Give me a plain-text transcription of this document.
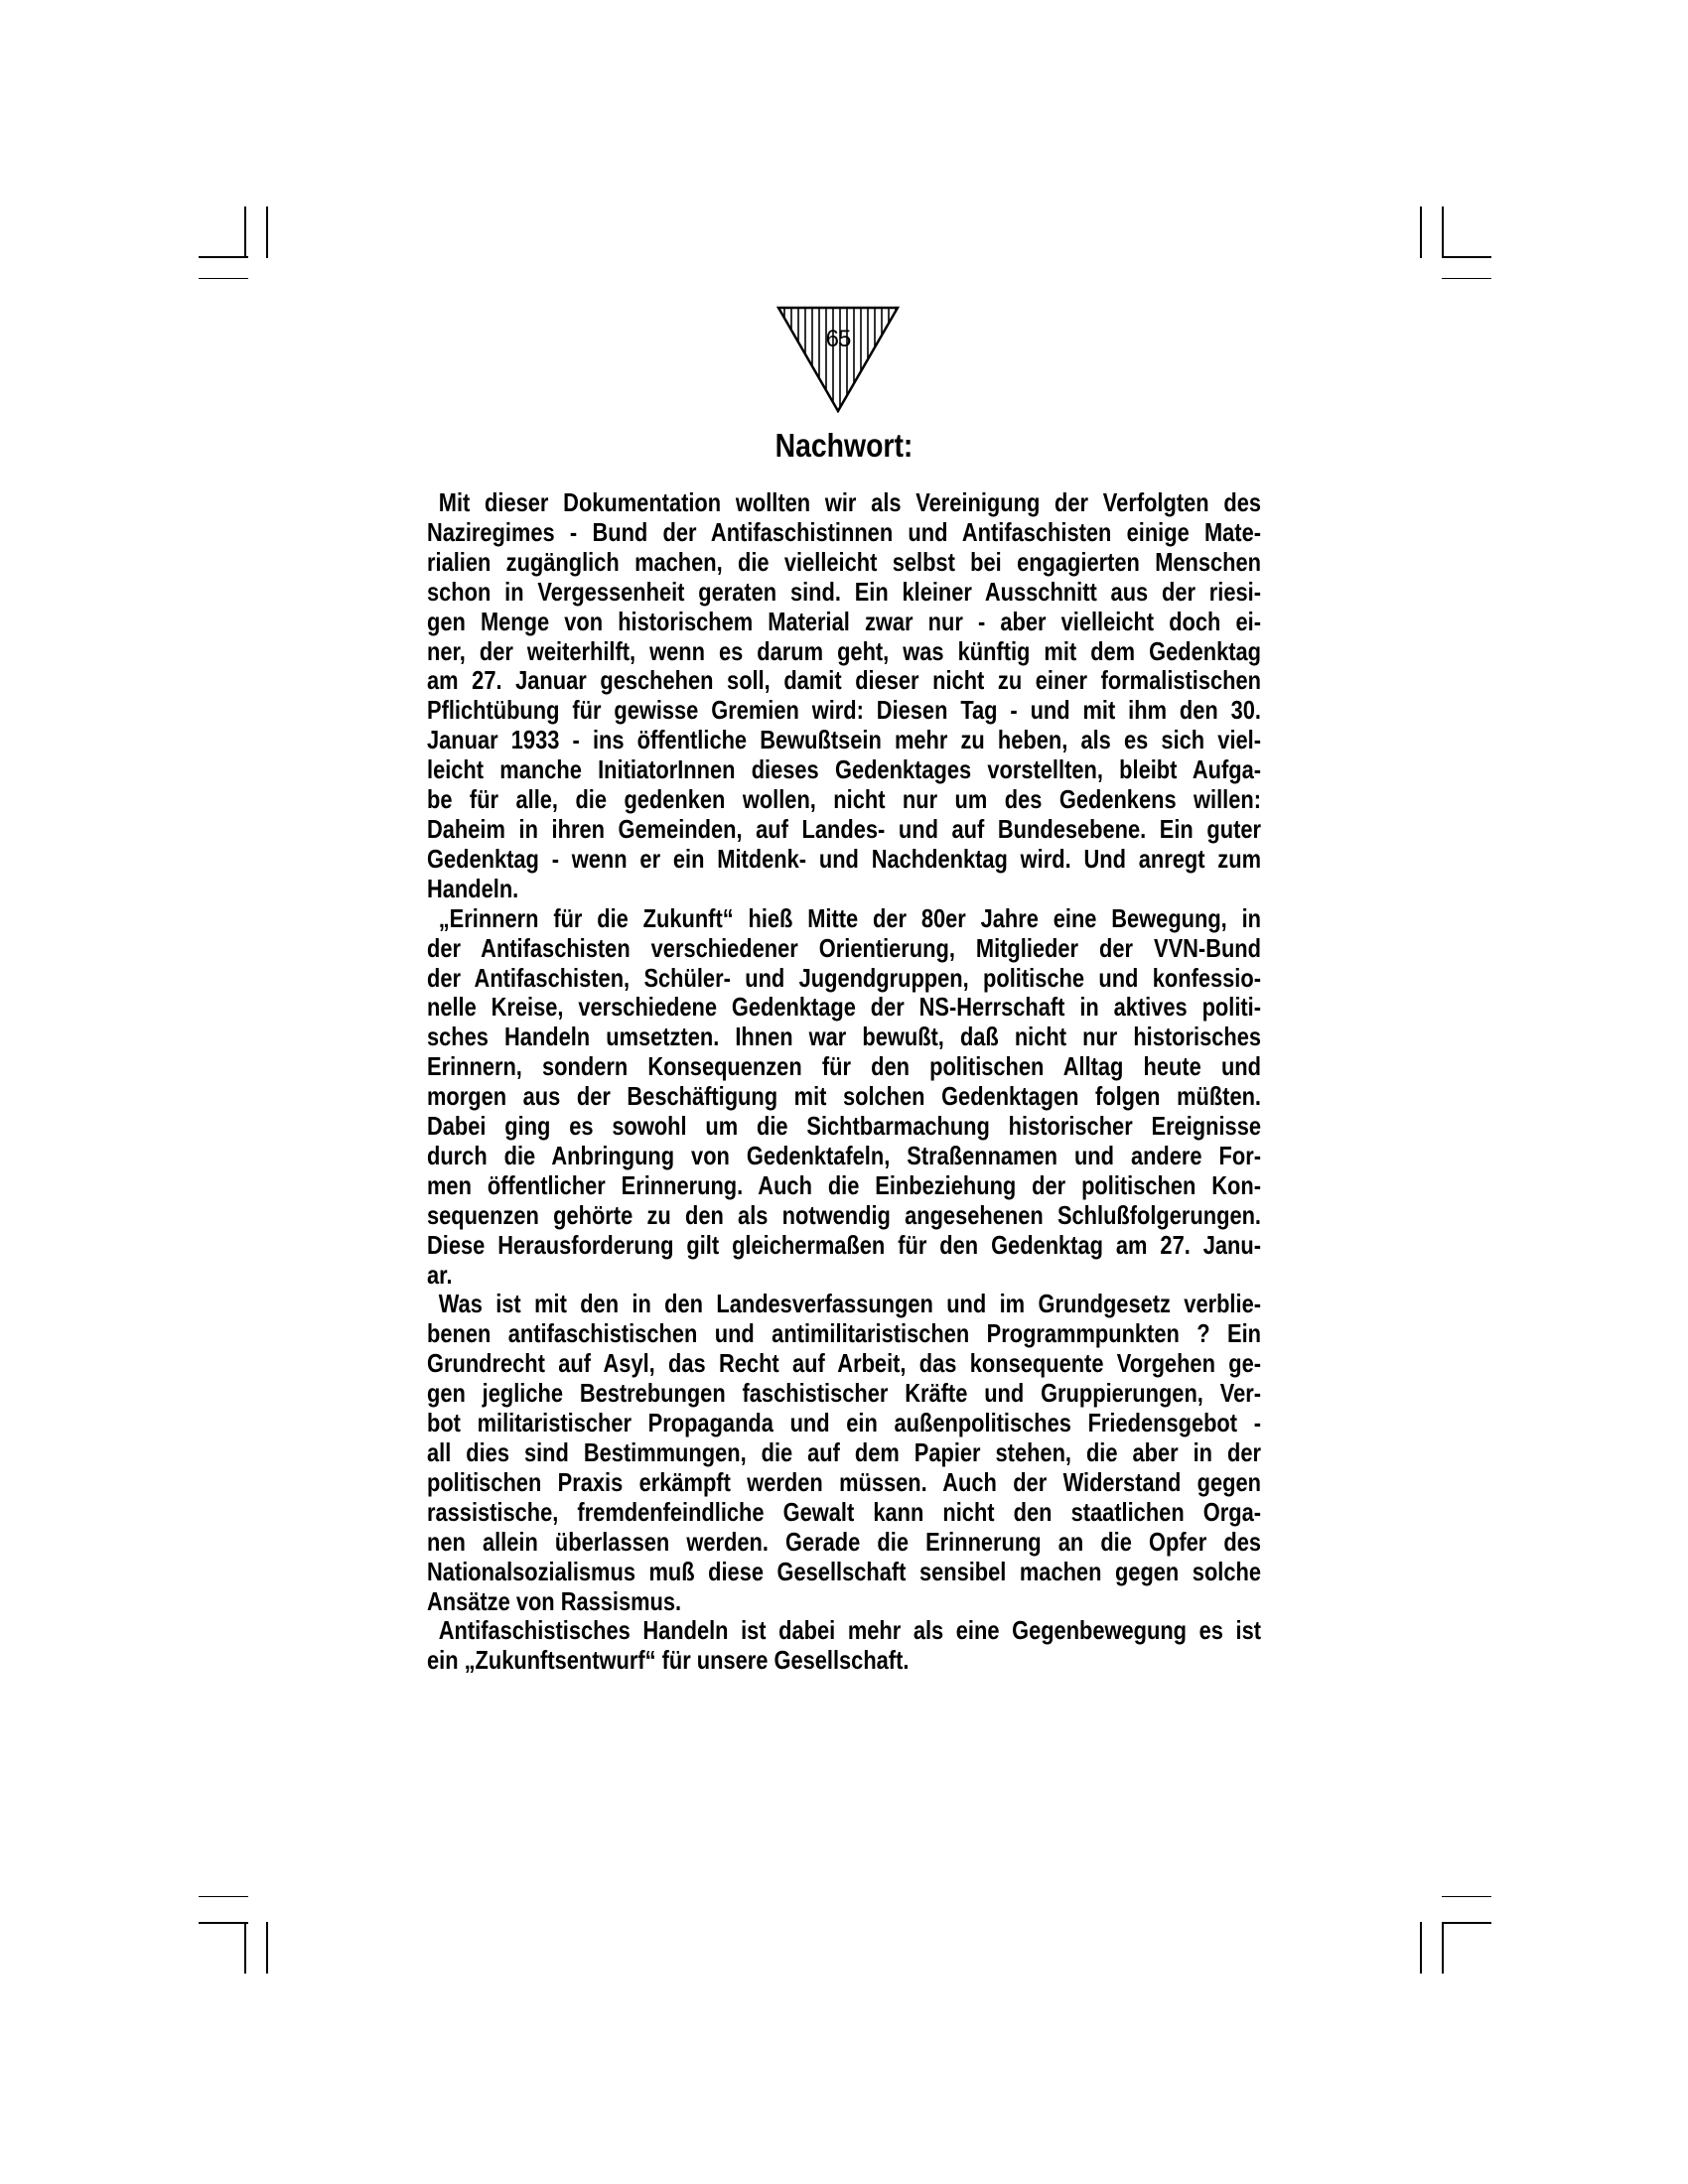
65
Nachwort:
Mit dieser Dokumentation wollten wir als Vereinigung der Verfolgten des
Naziregimes - Bund der Antifaschistinnen und Antifaschisten einige Mate-
rialien zugänglich machen, die vielleicht selbst bei engagierten Menschen
schon in Vergessenheit geraten sind. Ein kleiner Ausschnitt aus der riesi-
gen Menge von historischem Material zwar nur - aber vielleicht doch ei-
ner, der weiterhilft, wenn es darum geht, was künftig mit dem Gedenktag
am 27. Januar geschehen soll, damit dieser nicht zu einer formalistischen
Pflichtübung für gewisse Gremien wird: Diesen Tag - und mit ihm den 30.
Januar 1933 - ins öffentliche Bewußtsein mehr zu heben, als es sich viel-
leicht manche InitiatorInnen dieses Gedenktages vorstellten, bleibt Aufga-
be für alle, die gedenken wollen, nicht nur um des Gedenkens willen:
Daheim in ihren Gemeinden, auf Landes- und auf Bundesebene. Ein guter
Gedenktag - wenn er ein Mitdenk- und Nachdenktag wird. Und anregt zum
Handeln.
„Erinnern für die Zukunft“ hieß Mitte der 80er Jahre eine Bewegung, in
der Antifaschisten verschiedener Orientierung, Mitglieder der VVN-Bund
der Antifaschisten, Schüler- und Jugendgruppen, politische und konfessio-
nelle Kreise, verschiedene Gedenktage der NS-Herrschaft in aktives politi-
sches Handeln umsetzten. Ihnen war bewußt, daß nicht nur historisches
Erinnern, sondern Konsequenzen für den politischen Alltag heute und
morgen aus der Beschäftigung mit solchen Gedenktagen folgen müßten.
Dabei ging es sowohl um die Sichtbarmachung historischer Ereignisse
durch die Anbringung von Gedenktafeln, Straßennamen und andere For-
men öffentlicher Erinnerung. Auch die Einbeziehung der politischen Kon-
sequenzen gehörte zu den als notwendig angesehenen Schlußfolgerungen.
Diese Herausforderung gilt gleichermaßen für den Gedenktag am 27. Janu-
ar.
Was ist mit den in den Landesverfassungen und im Grundgesetz verblie-
benen antifaschistischen und antimilitaristischen Programmpunkten ? Ein
Grundrecht auf Asyl, das Recht auf Arbeit, das konsequente Vorgehen ge-
gen jegliche Bestrebungen faschistischer Kräfte und Gruppierungen, Ver-
bot militaristischer Propaganda und ein außenpolitisches Friedensgebot -
all dies sind Bestimmungen, die auf dem Papier stehen, die aber in der
politischen Praxis erkämpft werden müssen. Auch der Widerstand gegen
rassistische, fremdenfeindliche Gewalt kann nicht den staatlichen Orga-
nen allein überlassen werden. Gerade die Erinnerung an die Opfer des
Nationalsozialismus muß diese Gesellschaft sensibel machen gegen solche
Ansätze von Rassismus.
Antifaschistisches Handeln ist dabei mehr als eine Gegenbewegung es ist
ein „Zukunftsentwurf“ für unsere Gesellschaft.
